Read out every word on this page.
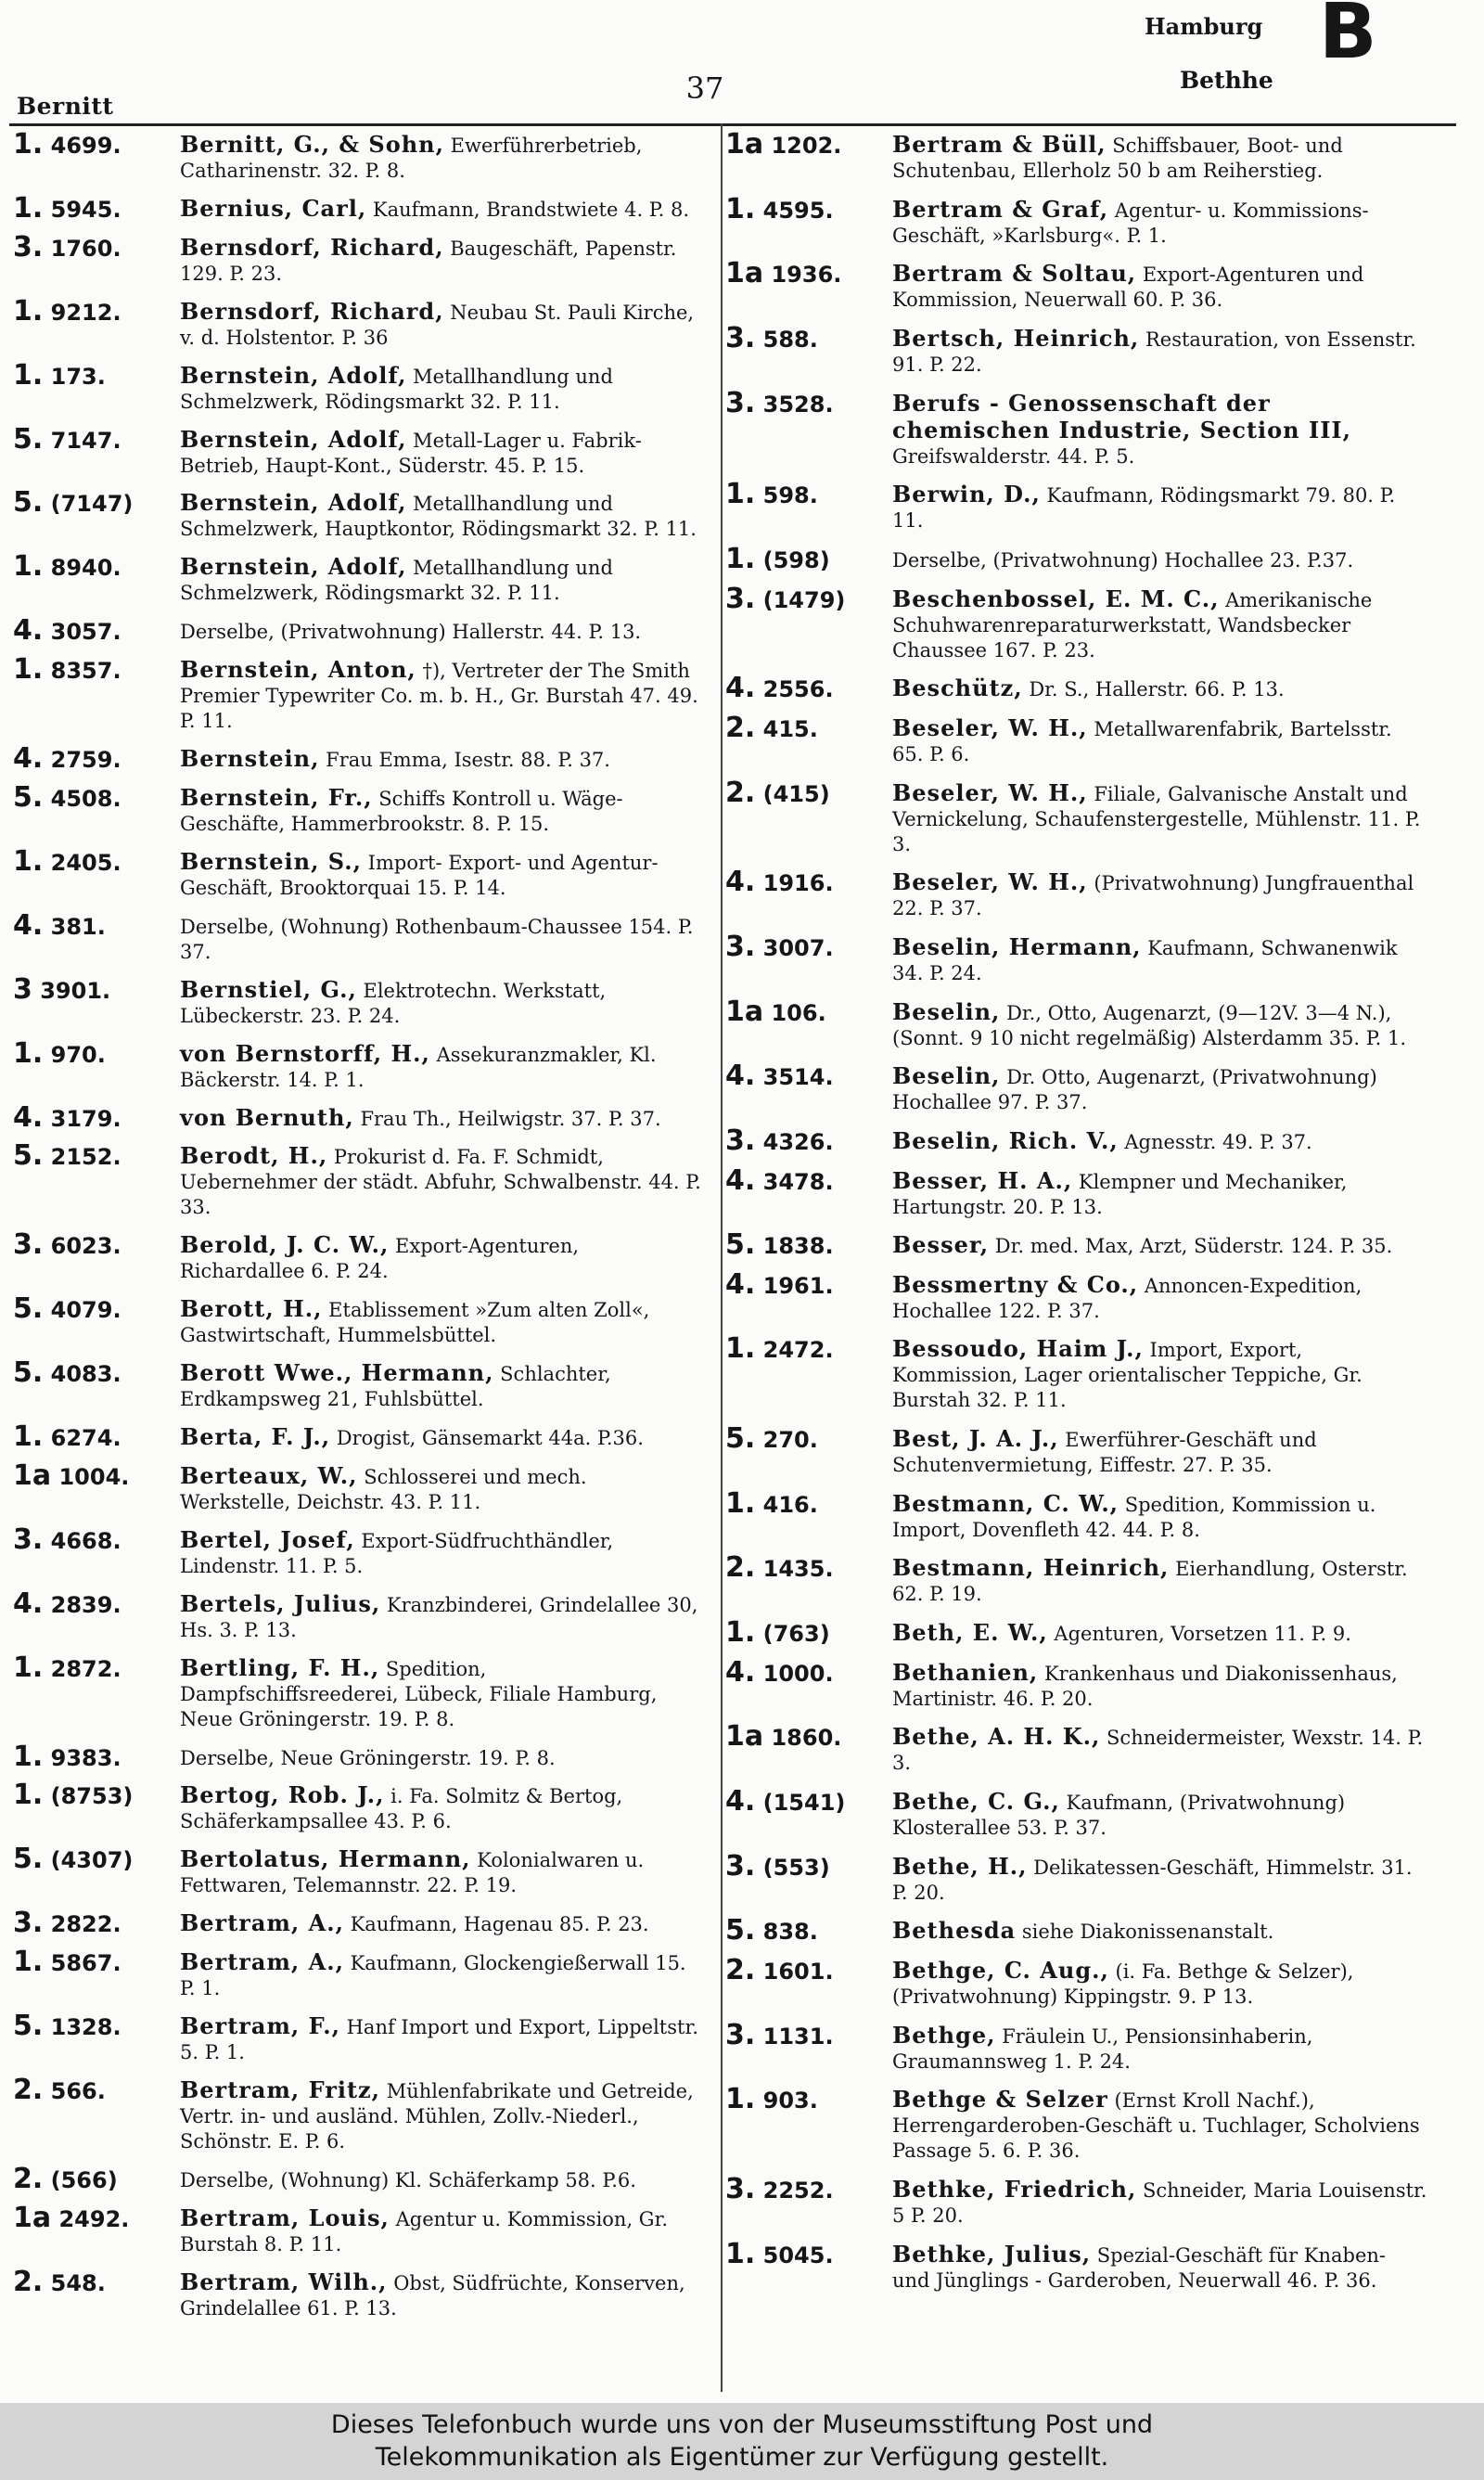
Bernitt
37
Hamburg
Bethhe
B
1. 4699.	Bernitt, G., & Sohn, Ewerführerbetrieb, Catharinenstr. 32. P. 8.
1. 5945.	Bernius, Carl, Kaufmann, Brandstwiete 4. P. 8.
3. 1760.	Bernsdorf, Richard, Baugeschäft, Papenstr. 129. P. 23.
1. 9212.	Bernsdorf, Richard, Neubau St. Pauli Kirche, v. d. Holstentor. P. 36
1. 173.	Bernstein, Adolf, Metallhandlung und Schmelzwerk, Rödingsmarkt 32. P. 11.
5. 7147.	Bernstein, Adolf, Metall-Lager u. Fabrik-Betrieb, Haupt-Kont., Süderstr. 45. P. 15.
5. (7147)	Bernstein, Adolf, Metallhandlung und Schmelzwerk, Hauptkontor, Rödingsmarkt 32. P. 11.
1. 8940.	Bernstein, Adolf, Metallhandlung und Schmelzwerk, Rödingsmarkt 32. P. 11.
4. 3057.	Derselbe, (Privatwohnung) Hallerstr. 44. P. 13.
1. 8357.	Bernstein, Anton, †), Vertreter der The Smith Premier Typewriter Co. m. b. H., Gr. Burstah 47. 49. P. 11.
4. 2759.	Bernstein, Frau Emma, Isestr. 88. P. 37.
5. 4508.	Bernstein, Fr., Schiffs Kontroll u. Wäge-Geschäfte, Hammerbrookstr. 8. P. 15.
1. 2405.	Bernstein, S., Import- Export- und Agentur-Geschäft, Brooktorquai 15. P. 14.
4. 381.	Derselbe, (Wohnung) Rothenbaum-Chaussee 154. P. 37.
3 3901.	Bernstiel, G., Elektrotechn. Werkstatt, Lübeckerstr. 23. P. 24.
1. 970.	von Bernstorff, H., Assekuranzmakler, Kl. Bäckerstr. 14. P. 1.
4. 3179.	von Bernuth, Frau Th., Heilwigstr. 37. P. 37.
5. 2152.	Berodt, H., Prokurist d. Fa. F. Schmidt, Uebernehmer der städt. Abfuhr, Schwalbenstr. 44. P. 33.
3. 6023.	Berold, J. C. W., Export-Agenturen, Richardallee 6. P. 24.
5. 4079.	Berott, H., Etablissement »Zum alten Zoll«, Gastwirtschaft, Hummelsbüttel.
5. 4083.	Berott Wwe., Hermann, Schlachter, Erdkampsweg 21, Fuhlsbüttel.
1. 6274.	Berta, F. J., Drogist, Gänsemarkt 44a. P.36.
1a 1004.	Berteaux, W., Schlosserei und mech. Werkstelle, Deichstr. 43. P. 11.
3. 4668.	Bertel, Josef, Export-Südfruchthändler, Lindenstr. 11. P. 5.
4. 2839.	Bertels, Julius, Kranzbinderei, Grindelallee 30, Hs. 3. P. 13.
1. 2872.	Bertling, F. H., Spedition, Dampfschiffsreederei, Lübeck, Filiale Hamburg, Neue Gröningerstr. 19. P. 8.
1. 9383.	Derselbe, Neue Gröningerstr. 19. P. 8.
1. (8753)	Bertog, Rob. J., i. Fa. Solmitz & Bertog, Schäferkampsallee 43. P. 6.
5. (4307)	Bertolatus, Hermann, Kolonialwaren u. Fettwaren, Telemannstr. 22. P. 19.
3. 2822.	Bertram, A., Kaufmann, Hagenau 85. P. 23.
1. 5867.	Bertram, A., Kaufmann, Glockengießerwall 15. P. 1.
5. 1328.	Bertram, F., Hanf Import und Export, Lippeltstr. 5. P. 1.
2. 566.	Bertram, Fritz, Mühlenfabrikate und Getreide, Vertr. in- und ausländ. Mühlen, Zollv.-Niederl., Schönstr. E. P. 6.
2. (566)	Derselbe, (Wohnung) Kl. Schäferkamp 58. P.6.
1a 2492.	Bertram, Louis, Agentur u. Kommission, Gr. Burstah 8. P. 11.
2. 548.	Bertram, Wilh., Obst, Südfrüchte, Konserven, Grindelallee 61. P. 13.
1a 1202.	Bertram & Büll, Schiffsbauer, Boot- und Schutenbau, Ellerholz 50 b am Reiherstieg.
1. 4595.	Bertram & Graf, Agentur- u. Kommissions-Geschäft, »Karlsburg«. P. 1.
1a 1936.	Bertram & Soltau, Export-Agenturen und Kommission, Neuerwall 60. P. 36.
3. 588.	Bertsch, Heinrich, Restauration, von Essenstr. 91. P. 22.
3. 3528.	Berufs - Genossenschaft der chemischen Industrie, Section III, Greifswalderstr. 44. P. 5.
1. 598.	Berwin, D., Kaufmann, Rödingsmarkt 79. 80. P. 11.
1. (598)	Derselbe, (Privatwohnung) Hochallee 23. P.37.
3. (1479)	Beschenbossel, E. M. C., Amerikanische Schuhwarenreparaturwerkstatt, Wandsbecker Chaussee 167. P. 23.
4. 2556.	Beschütz, Dr. S., Hallerstr. 66. P. 13.
2. 415.	Beseler, W. H., Metallwarenfabrik, Bartelsstr. 65. P. 6.
2. (415)	Beseler, W. H., Filiale, Galvanische Anstalt und Vernickelung, Schaufenstergestelle, Mühlenstr. 11. P. 3.
4. 1916.	Beseler, W. H., (Privatwohnung) Jungfrauenthal 22. P. 37.
3. 3007.	Beselin, Hermann, Kaufmann, Schwanenwik 34. P. 24.
1a 106.	Beselin, Dr., Otto, Augenarzt, (9—12V. 3—4 N.), (Sonnt. 9 10 nicht regelmäßig) Alsterdamm 35. P. 1.
4. 3514.	Beselin, Dr. Otto, Augenarzt, (Privatwohnung) Hochallee 97. P. 37.
3. 4326.	Beselin, Rich. V., Agnesstr. 49. P. 37.
4. 3478.	Besser, H. A., Klempner und Mechaniker, Hartungstr. 20. P. 13.
5. 1838.	Besser, Dr. med. Max, Arzt, Süderstr. 124. P. 35.
4. 1961.	Bessmertny & Co., Annoncen-Expedition, Hochallee 122. P. 37.
1. 2472.	Bessoudo, Haim J., Import, Export, Kommission, Lager orientalischer Teppiche, Gr. Burstah 32. P. 11.
5. 270.	Best, J. A. J., Ewerführer-Geschäft und Schutenvermietung, Eiffestr. 27. P. 35.
1. 416.	Bestmann, C. W., Spedition, Kommission u. Import, Dovenfleth 42. 44. P. 8.
2. 1435.	Bestmann, Heinrich, Eierhandlung, Osterstr. 62. P. 19.
1. (763)	Beth, E. W., Agenturen, Vorsetzen 11. P. 9.
4. 1000.	Bethanien, Krankenhaus und Diakonissenhaus, Martinistr. 46. P. 20.
1a 1860.	Bethe, A. H. K., Schneidermeister, Wexstr. 14. P. 3.
4. (1541)	Bethe, C. G., Kaufmann, (Privatwohnung) Klosterallee 53. P. 37.
3. (553)	Bethe, H., Delikatessen-Geschäft, Himmelstr. 31. P. 20.
5. 838.	Bethesda siehe Diakonissenanstalt.
2. 1601.	Bethge, C. Aug., (i. Fa. Bethge & Selzer), (Privatwohnung) Kippingstr. 9. P 13.
3. 1131.	Bethge, Fräulein U., Pensionsinhaberin, Graumannsweg 1. P. 24.
1. 903.	Bethge & Selzer (Ernst Kroll Nachf.), Herrengarderoben-Geschäft u. Tuchlager, Scholviens Passage 5. 6. P. 36.
3. 2252.	Bethke, Friedrich, Schneider, Maria Louisenstr. 5 P. 20.
1. 5045.	Bethke, Julius, Spezial-Geschäft für Knaben- und Jünglings - Garderoben, Neuerwall 46. P. 36.
Dieses Telefonbuch wurde uns von der Museumsstiftung Post und
Telekommunikation als Eigentümer zur Verfügung gestellt.
